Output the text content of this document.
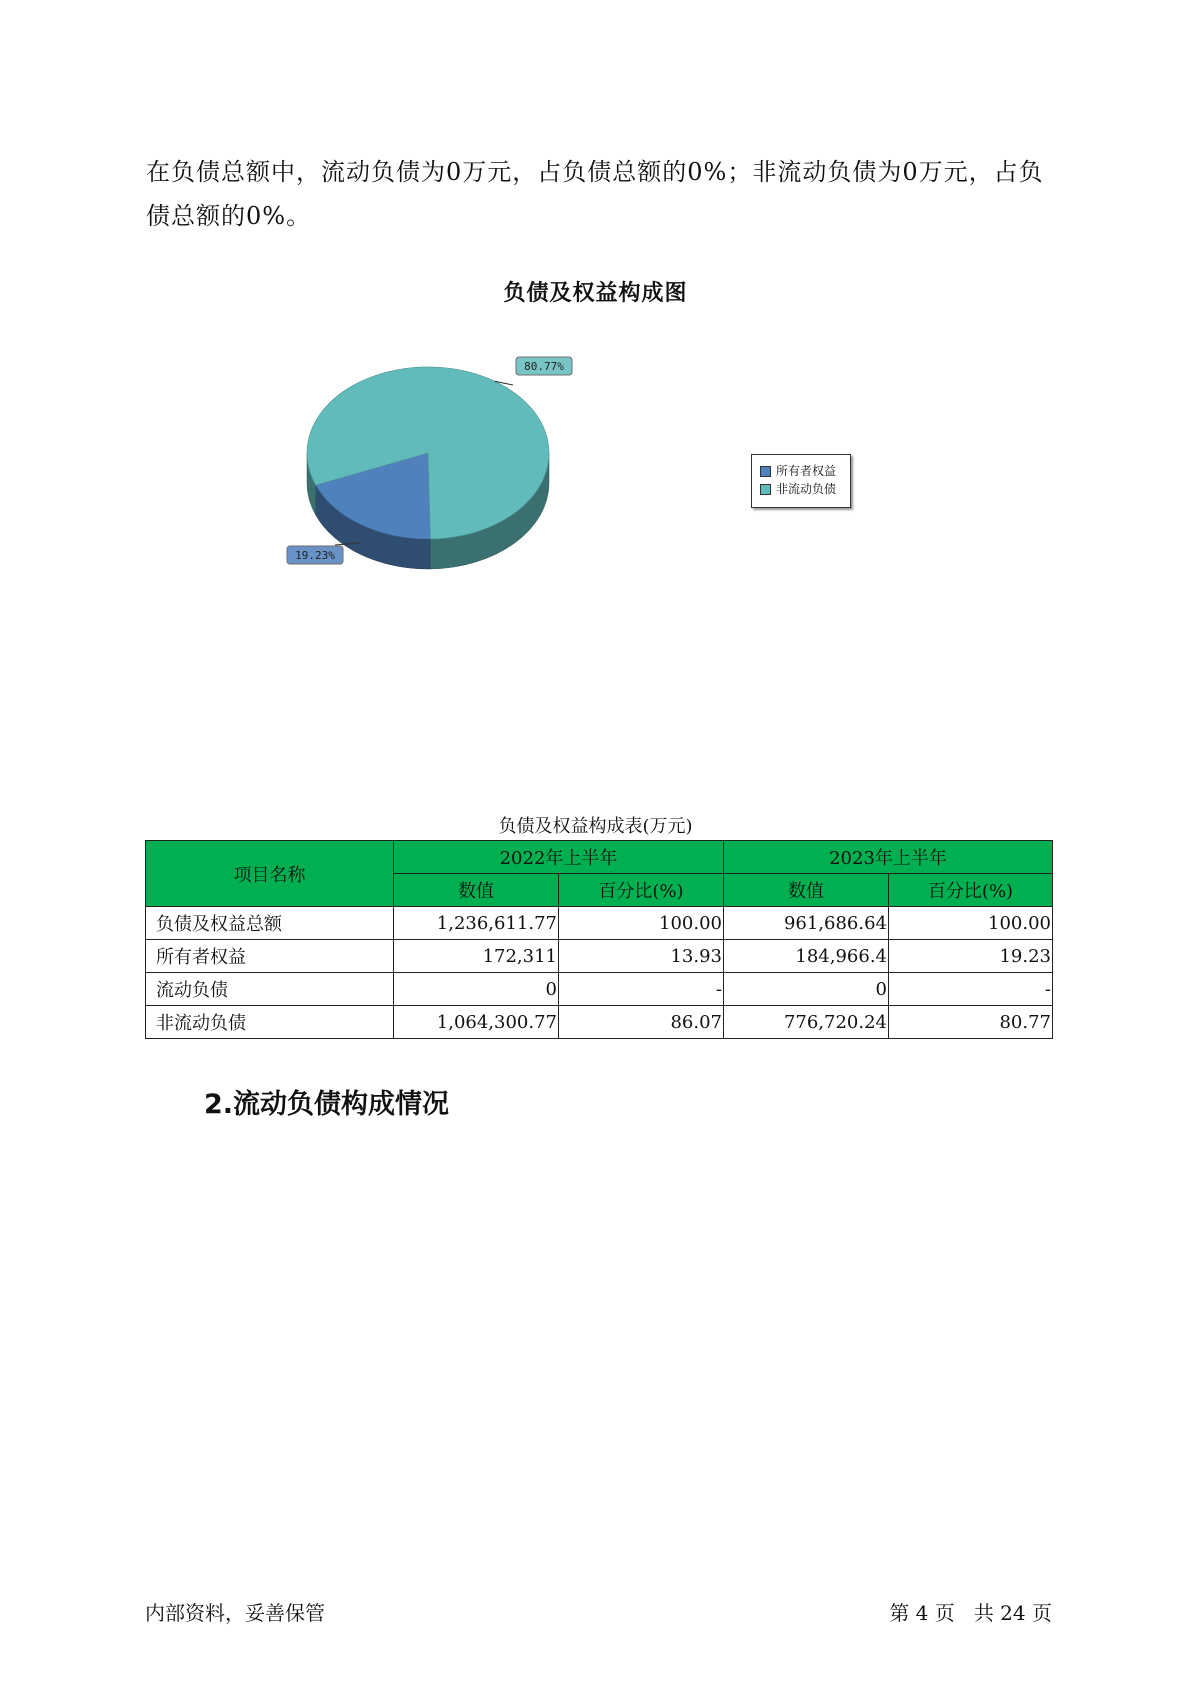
在负债总额中，流动负债为0万元，占负债总额的0%；非流动负债为0万元，占负债总额的0%。
负债及权益构成图
19.23%
80.77%
所有者权益
非流动负债
负债及权益构成表(万元)
项目名称	2022年上半年		2023年上半年	
	数值	百分比(%)	数值	百分比(%)
负债及权益总额	1,236,611.77	100.00	961,686.64	100.00
所有者权益	172,311	13.93	184,966.4	19.23
流动负债	0	-	0	-
非流动负债	1,064,300.77	86.07	776,720.24	80.77
2.流动负债构成情况
内部资料，妥善保管	第 4 页   共 24 页
